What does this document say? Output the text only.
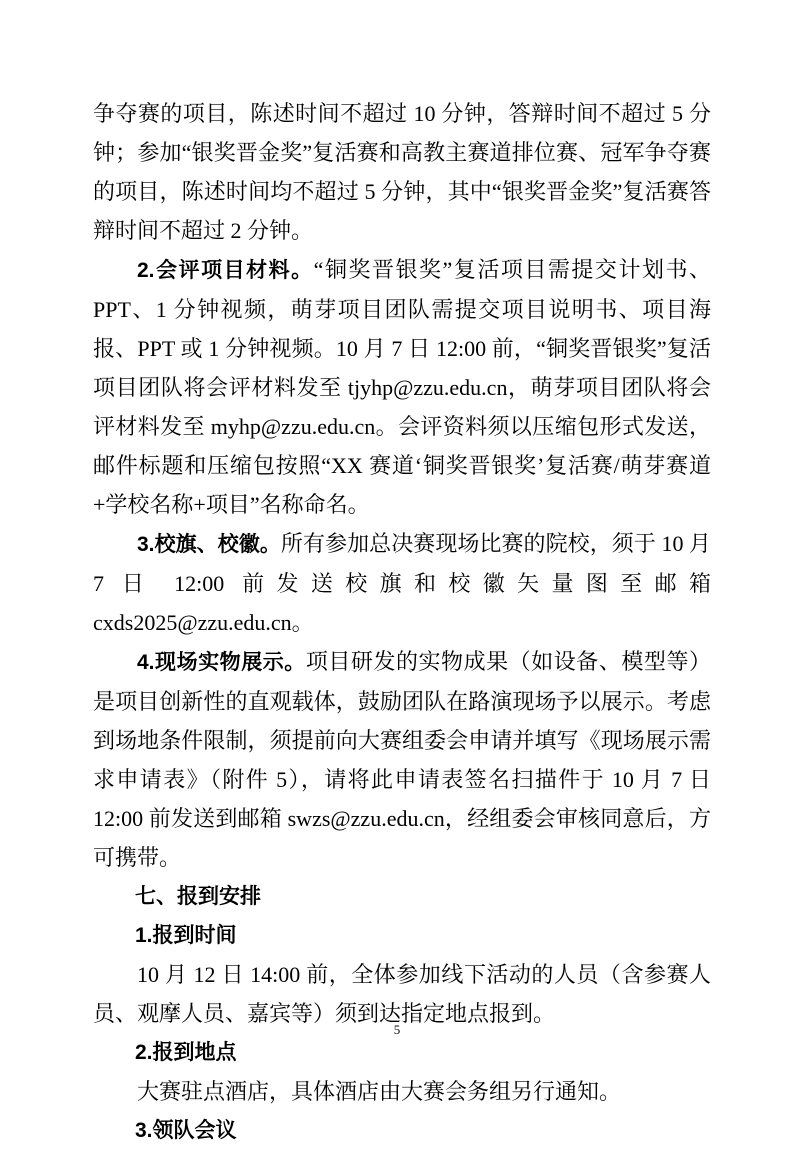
争夺赛的项目，陈述时间不超过 10 分钟，答辩时间不超过 5 分钟；参加“银奖晋金奖”复活赛和高教主赛道排位赛、冠军争夺赛的项目，陈述时间均不超过 5 分钟，其中“银奖晋金奖”复活赛答辩时间不超过 2 分钟。

2.会评项目材料。“铜奖晋银奖”复活项目需提交计划书、PPT、1 分钟视频，萌芽项目团队需提交项目说明书、项目海报、PPT 或 1 分钟视频。10 月 7 日 12:00 前，“铜奖晋银奖”复活项目团队将会评材料发至 tjyhp@zzu.edu.cn，萌芽项目团队将会评材料发至 myhp@zzu.edu.cn。会评资料须以压缩包形式发送，邮件标题和压缩包按照“XX 赛道‘铜奖晋银奖’复活赛/萌芽赛道+学校名称+项目”名称命名。

3.校旗、校徽。所有参加总决赛现场比赛的院校，须于 10 月 7 日 12:00 前发送校旗和校徽矢量图至邮箱 cxds2025@zzu.edu.cn。

4.现场实物展示。项目研发的实物成果（如设备、模型等）是项目创新性的直观载体，鼓励团队在路演现场予以展示。考虑到场地条件限制，须提前向大赛组委会申请并填写《现场展示需求申请表》（附件 5），请将此申请表签名扫描件于 10 月 7 日 12:00 前发送到邮箱 swzs@zzu.edu.cn，经组委会审核同意后，方可携带。

七、报到安排

1.报到时间

10 月 12 日 14:00 前，全体参加线下活动的人员（含参赛人员、观摩人员、嘉宾等）须到达指定地点报到。

2.报到地点

大赛驻点酒店，具体酒店由大赛会务组另行通知。

3.领队会议

5
